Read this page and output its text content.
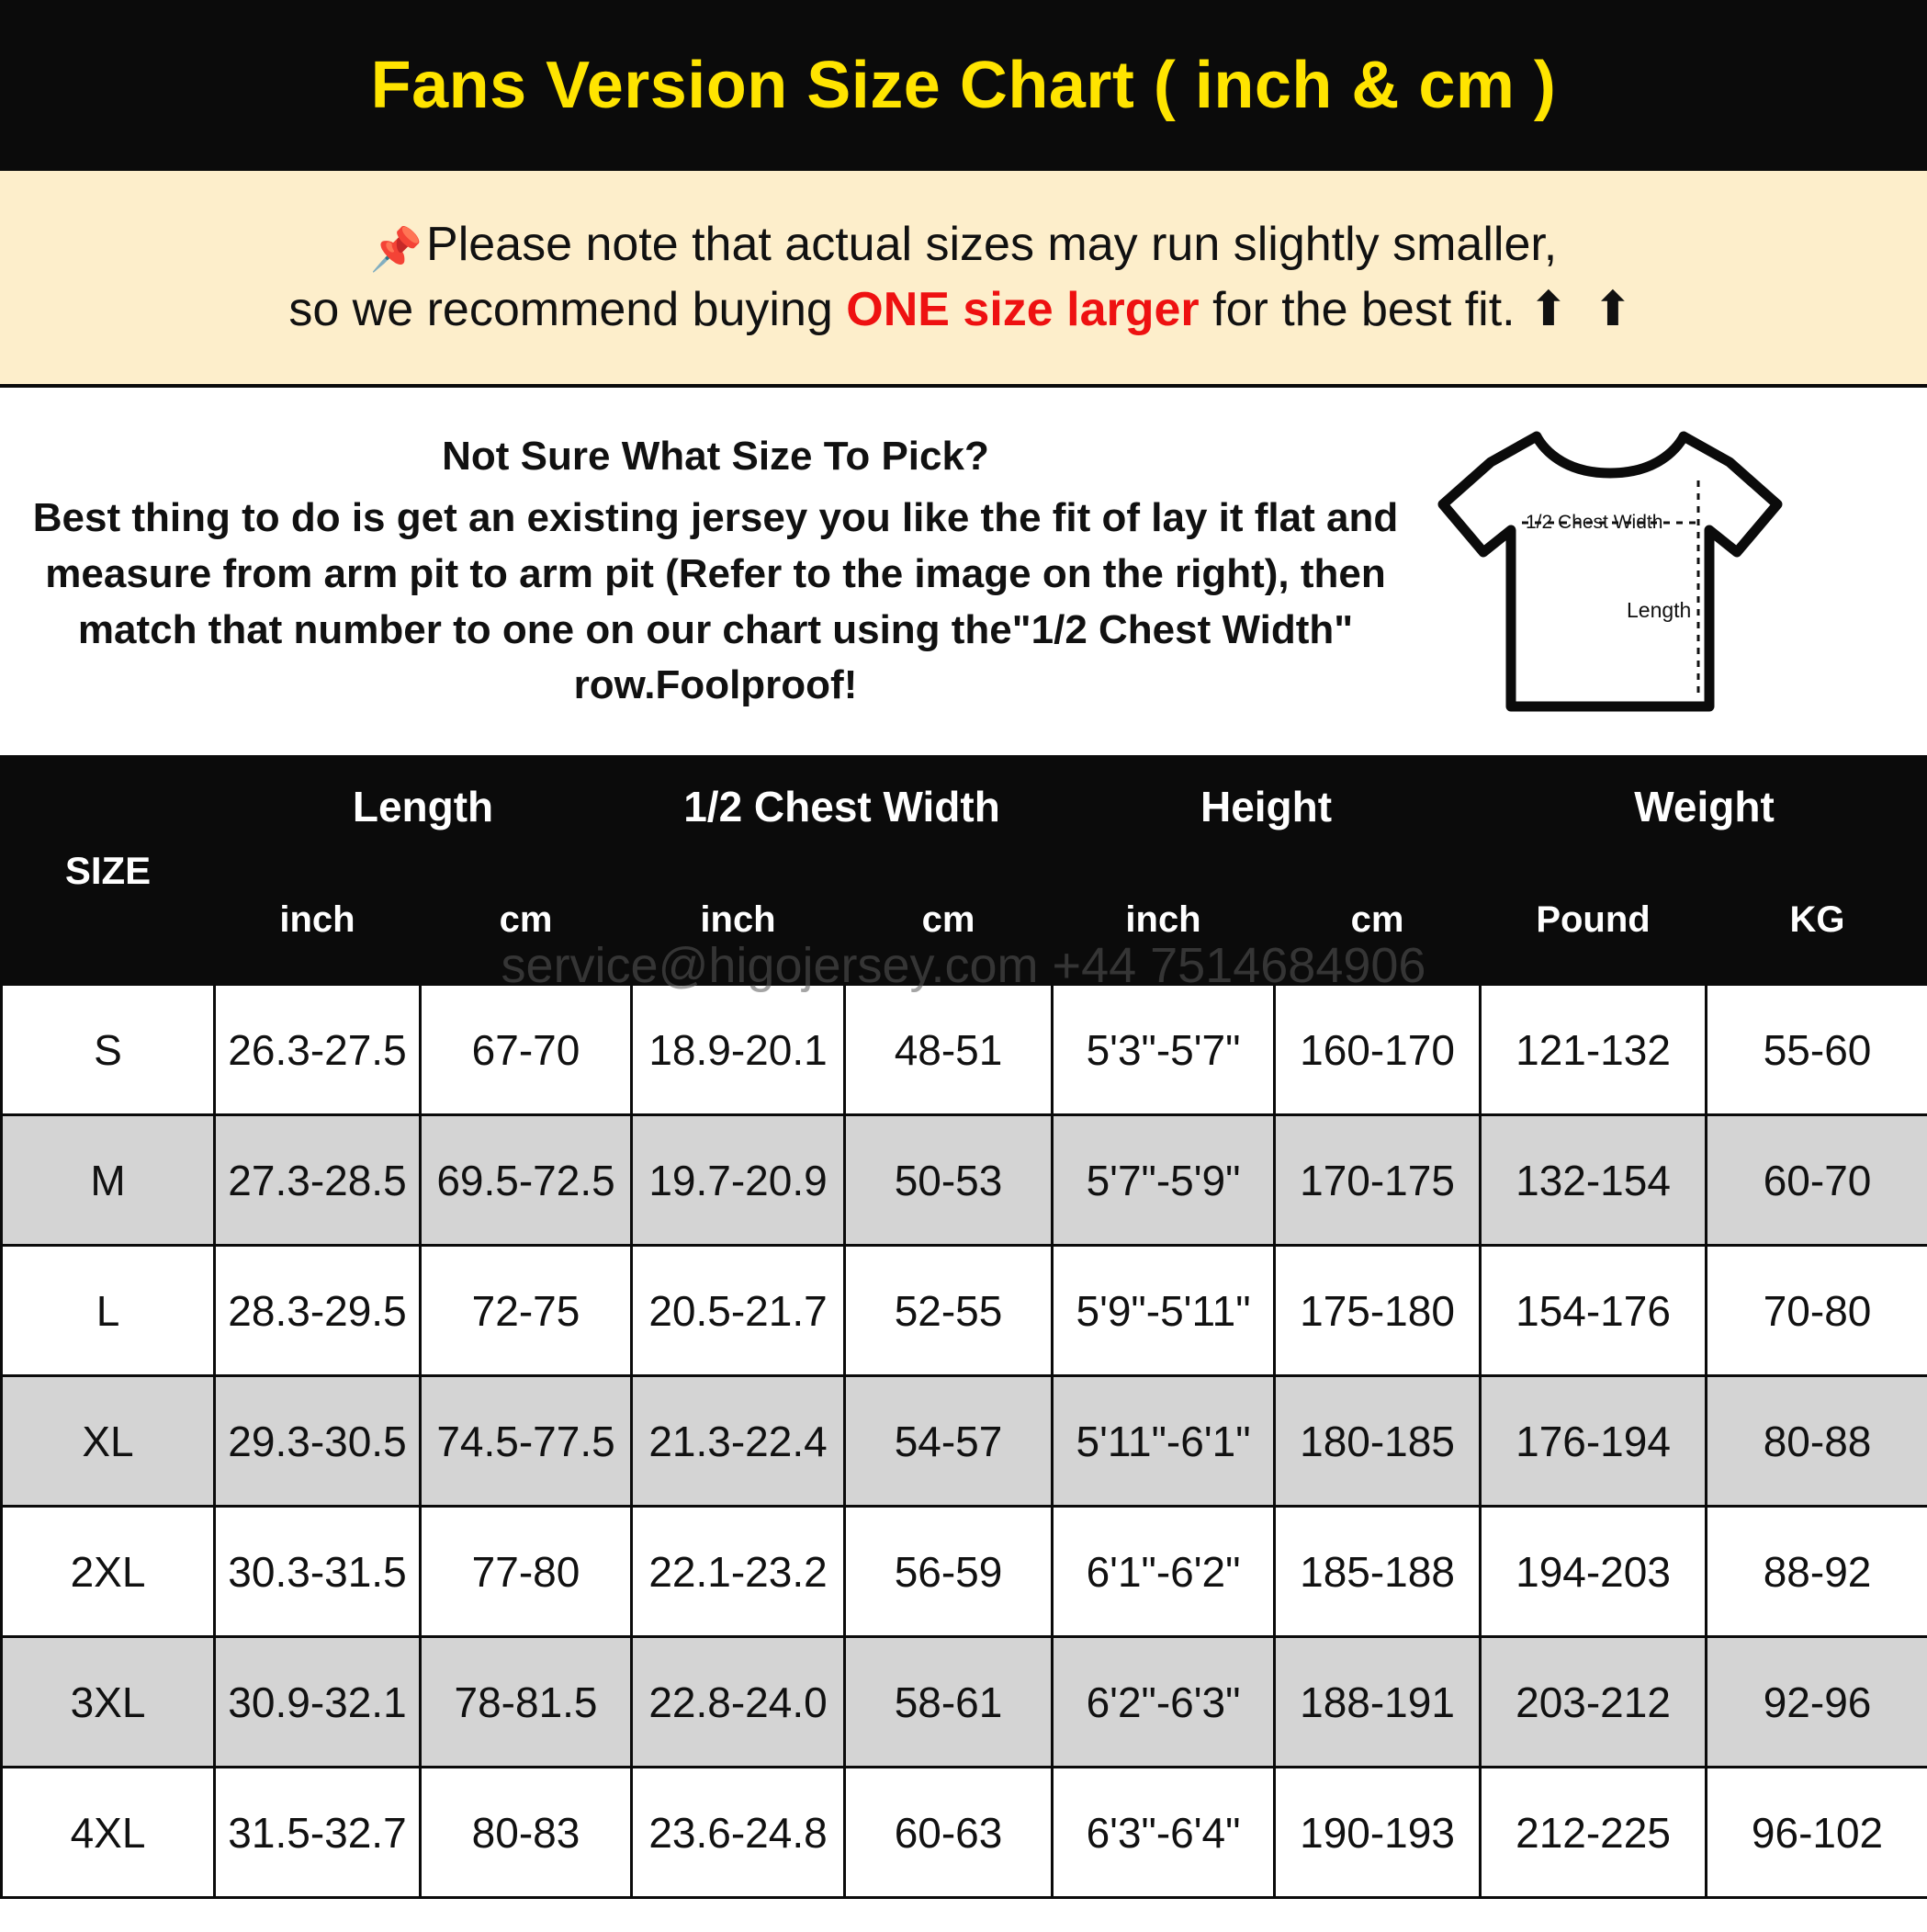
Fans Version Size Chart ( inch & cm )
📌Please note that actual sizes may run slightly smaller,
so we recommend buying ONE size larger for the best fit. ⬆ ⬆
Not Sure What Size To Pick?
Best thing to do is get an existing jersey you like the fit of lay it flat and measure from arm pit to arm pit (Refer to the image on the right), then match that number to one on our chart using the"1/2 Chest Width" row.Foolproof!
1/2 Chest Width
Length
service@higojersey.com +44 7514684906
SIZE	Length		1/2 Chest Width		Height		Weight	
	inch	cm	inch	cm	inch	cm	Pound	KG
S	26.3-27.5	67-70	18.9-20.1	48-51	5'3"-5'7"	160-170	121-132	55-60
M	27.3-28.5	69.5-72.5	19.7-20.9	50-53	5'7"-5'9"	170-175	132-154	60-70
L	28.3-29.5	72-75	20.5-21.7	52-55	5'9"-5'11"	175-180	154-176	70-80
XL	29.3-30.5	74.5-77.5	21.3-22.4	54-57	5'11"-6'1"	180-185	176-194	80-88
2XL	30.3-31.5	77-80	22.1-23.2	56-59	6'1"-6'2"	185-188	194-203	88-92
3XL	30.9-32.1	78-81.5	22.8-24.0	58-61	6'2"-6'3"	188-191	203-212	92-96
4XL	31.5-32.7	80-83	23.6-24.8	60-63	6'3"-6'4"	190-193	212-225	96-102
